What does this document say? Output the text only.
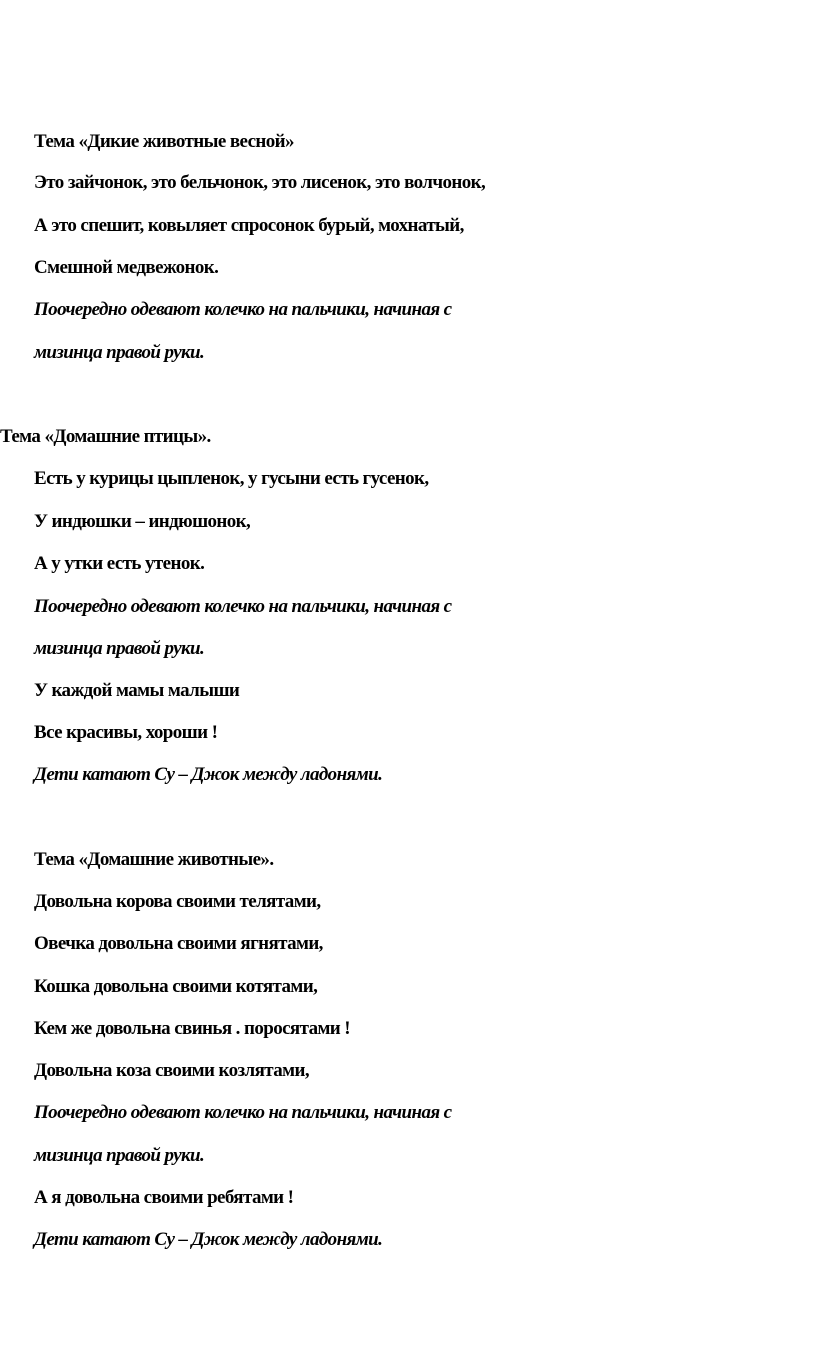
Тема «Дикие животные весной»
Это зайчонок, это бельчонок, это лисенок, это волчонок,
А это спешит, ковыляет спросонок бурый, мохнатый,
Смешной медвежонок.
Поочередно одевают колечко на пальчики, начиная с
мизинца правой руки.
Тема «Домашние птицы».
Есть у курицы цыпленок, у гусыни есть гусенок,
У индюшки – индюшонок,
А у утки есть утенок.
Поочередно одевают колечко на пальчики, начиная с
мизинца правой руки.
У каждой мамы малыши
Все красивы, хороши !
Дети катают Су – Джок между ладонями.
Тема «Домашние животные».
Довольна корова своими телятами,
Овечка довольна своими ягнятами,
Кошка довольна своими котятами,
Кем же довольна свинья . поросятами !
Довольна коза своими козлятами,
Поочередно одевают колечко на пальчики, начиная с
мизинца правой руки.
А я довольна своими ребятами !
Дети катают Су – Джок между ладонями.
